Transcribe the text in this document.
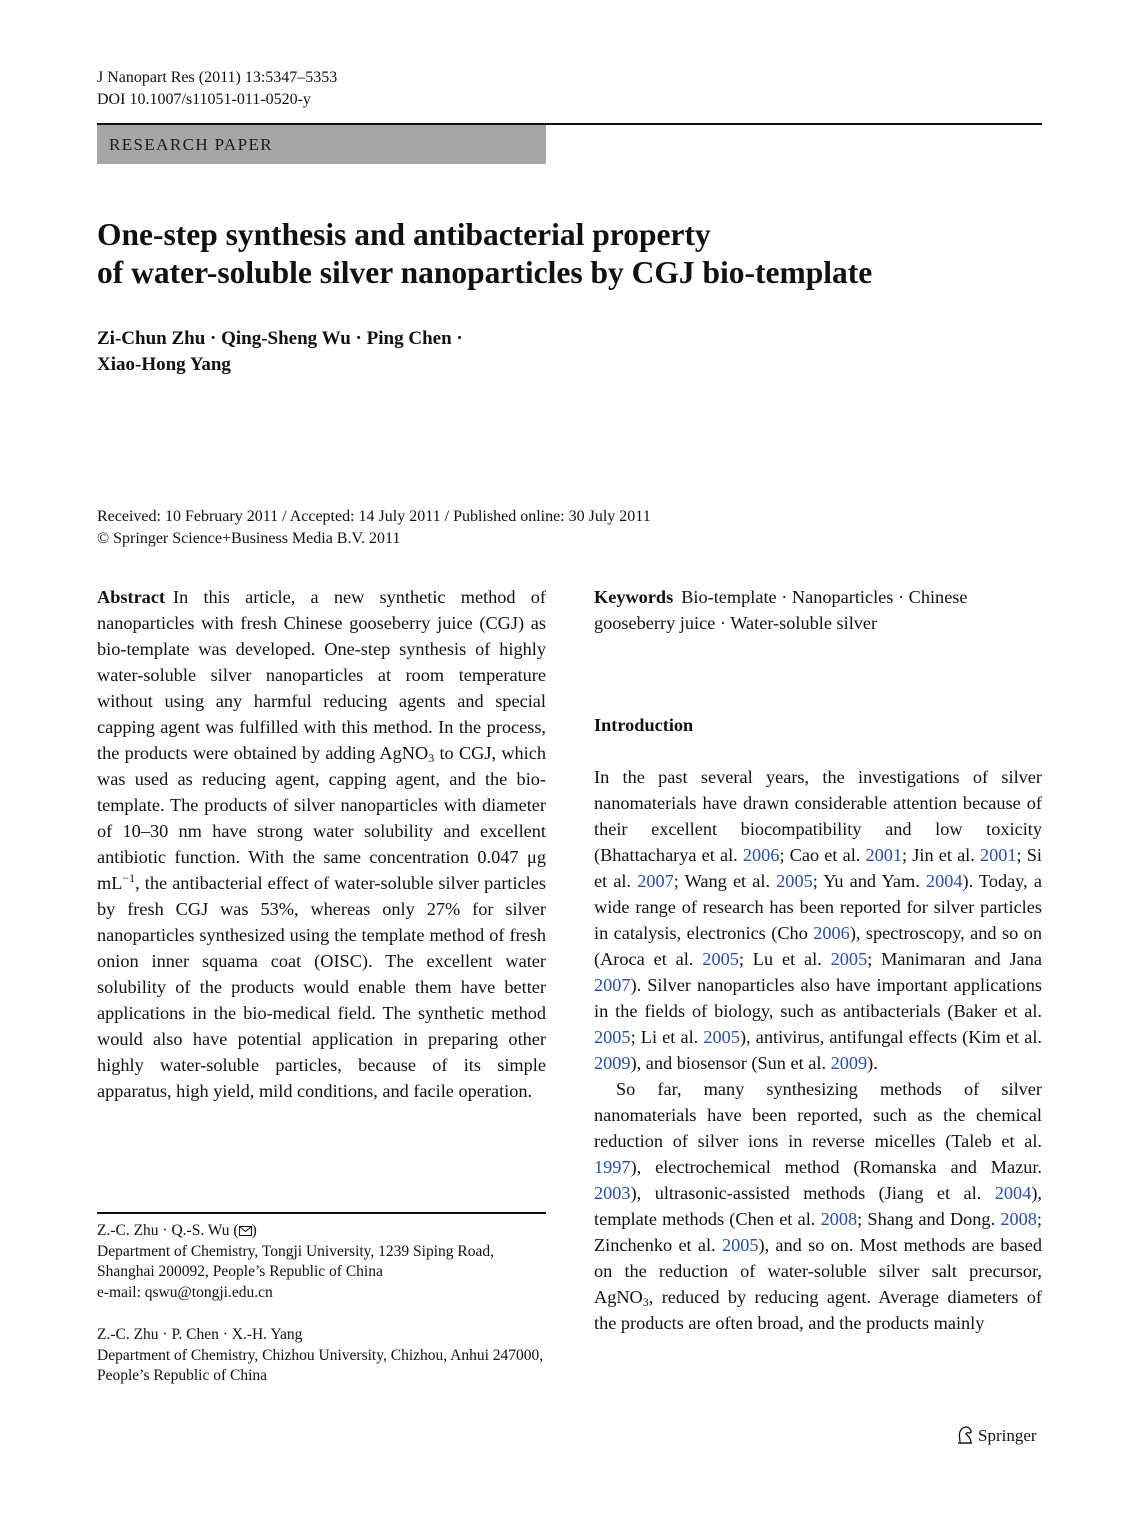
J Nanopart Res (2011) 13:5347–5353
DOI 10.1007/s11051-011-0520-y
RESEARCH PAPER
One-step synthesis and antibacterial property
of water-soluble silver nanoparticles by CGJ bio-template
Zi-Chun Zhu · Qing-Sheng Wu · Ping Chen ·
Xiao-Hong Yang
Received: 10 February 2011 / Accepted: 14 July 2011 / Published online: 30 July 2011
© Springer Science+Business Media B.V. 2011

Abstract In this article, a new synthetic method of nanoparticles with fresh Chinese gooseberry juice (CGJ) as bio-template was developed. One-step synthesis of highly water-soluble silver nanoparticles at room temperature without using any harmful reducing agents and special capping agent was fulfilled with this method. In the process, the products were obtained by adding AgNO$_3$ to CGJ, which was used as reducing agent, capping agent, and the bio-template. The products of silver nanoparticles with diameter of 10–30 nm have strong water solubility and excellent antibiotic function. With the same concentration 0.047 μg $mL^{-1}$, the antibacterial effect of water-soluble silver particles by fresh CGJ was 53%, whereas only 27% for silver nanoparticles synthesized using the template method of fresh onion inner squama coat (OISC). The excellent water solubility of the products would enable them have better applications in the bio-medical field. The synthetic method would also have potential application in preparing other highly water-soluble particles, because of its simple apparatus, high yield, mild conditions, and facile operation.

Keywords Bio-template · Nanoparticles · Chinese gooseberry juice · Water-soluble silver

Introduction

In the past several years, the investigations of silver nanomaterials have drawn considerable attention because of their excellent biocompatibility and low toxicity (Bhattacharya et al. 2006; Cao et al. 2001; Jin et al. 2001; Si et al. 2007; Wang et al. 2005; Yu and Yam. 2004). Today, a wide range of research has been reported for silver particles in catalysis, electronics (Cho 2006), spectroscopy, and so on (Aroca et al. 2005; Lu et al. 2005; Manimaran and Jana 2007). Silver nanoparticles also have important applications in the fields of biology, such as antibacterials (Baker et al. 2005; Li et al. 2005), antivirus, antifungal effects (Kim et al. 2009), and biosensor (Sun et al. 2009).

So far, many synthesizing methods of silver nanomaterials have been reported, such as the chemical reduction of silver ions in reverse micelles (Taleb et al. 1997), electrochemical method (Romanska and Mazur. 2003), ultrasonic-assisted methods (Jiang et al. 2004), template methods (Chen et al. 2008; Shang and Dong. 2008; Zinchenko et al. 2005), and so on. Most methods are based on the reduction of water-soluble silver salt precursor, AgNO$_3$, reduced by reducing agent. Average diameters of the products are often broad, and the products mainly

Z.-C. Zhu · Q.-S. Wu ( )
Department of Chemistry, Tongji University, 1239 Siping Road, Shanghai 200092, People’s Republic of China
e-mail: qswu@tongji.edu.cn
Z.-C. Zhu · P. Chen · X.-H. Yang
Department of Chemistry, Chizhou University, Chizhou, Anhui 247000, People’s Republic of China
Springer
